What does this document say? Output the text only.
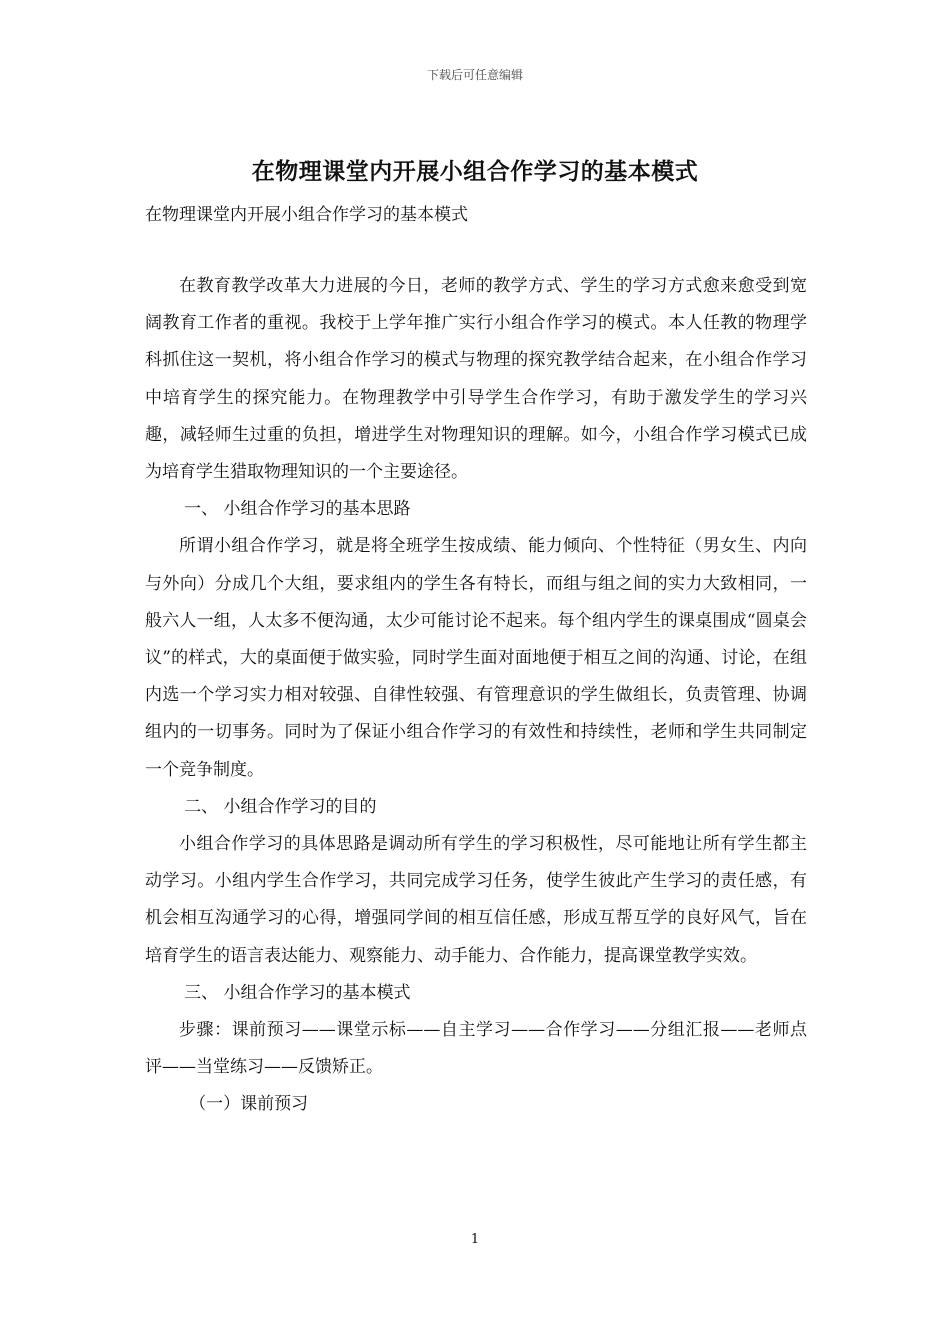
下载后可任意编辑
在物理课堂内开展小组合作学习的基本模式
在物理课堂内开展小组合作学习的基本模式

在教育教学改革大力进展的今日，老师的教学方式、学生的学习方式愈来愈受到宽阔教育工作者的重视。我校于上学年推广实行小组合作学习的模式。本人任教的物理学科抓住这一契机，将小组合作学习的模式与物理的探究教学结合起来，在小组合作学习中培育学生的探究能力。在物理教学中引导学生合作学习，有助于激发学生的学习兴趣，减轻师生过重的负担，增进学生对物理知识的理解。如今，小组合作学习模式已成为培育学生猎取物理知识的一个主要途径。

一、 小组合作学习的基本思路

所谓小组合作学习，就是将全班学生按成绩、能力倾向、个性特征（男女生、内向与外向）分成几个大组，要求组内的学生各有特长，而组与组之间的实力大致相同，一般六人一组，人太多不便沟通，太少可能讨论不起来。每个组内学生的课桌围成“圆桌会议”的样式，大的桌面便于做实验，同时学生面对面地便于相互之间的沟通、讨论，在组内选一个学习实力相对较强、自律性较强、有管理意识的学生做组长，负责管理、协调组内的一切事务。同时为了保证小组合作学习的有效性和持续性，老师和学生共同制定一个竞争制度。

二、 小组合作学习的目的

小组合作学习的具体思路是调动所有学生的学习积极性，尽可能地让所有学生都主动学习。小组内学生合作学习，共同完成学习任务，使学生彼此产生学习的责任感，有机会相互沟通学习的心得，增强同学间的相互信任感，形成互帮互学的良好风气，旨在培育学生的语言表达能力、观察能力、动手能力、合作能力，提高课堂教学实效。

三、 小组合作学习的基本模式

步骤：课前预习——课堂示标——自主学习——合作学习——分组汇报——老师点评——当堂练习——反馈矫正。

（一）课前预习

1
